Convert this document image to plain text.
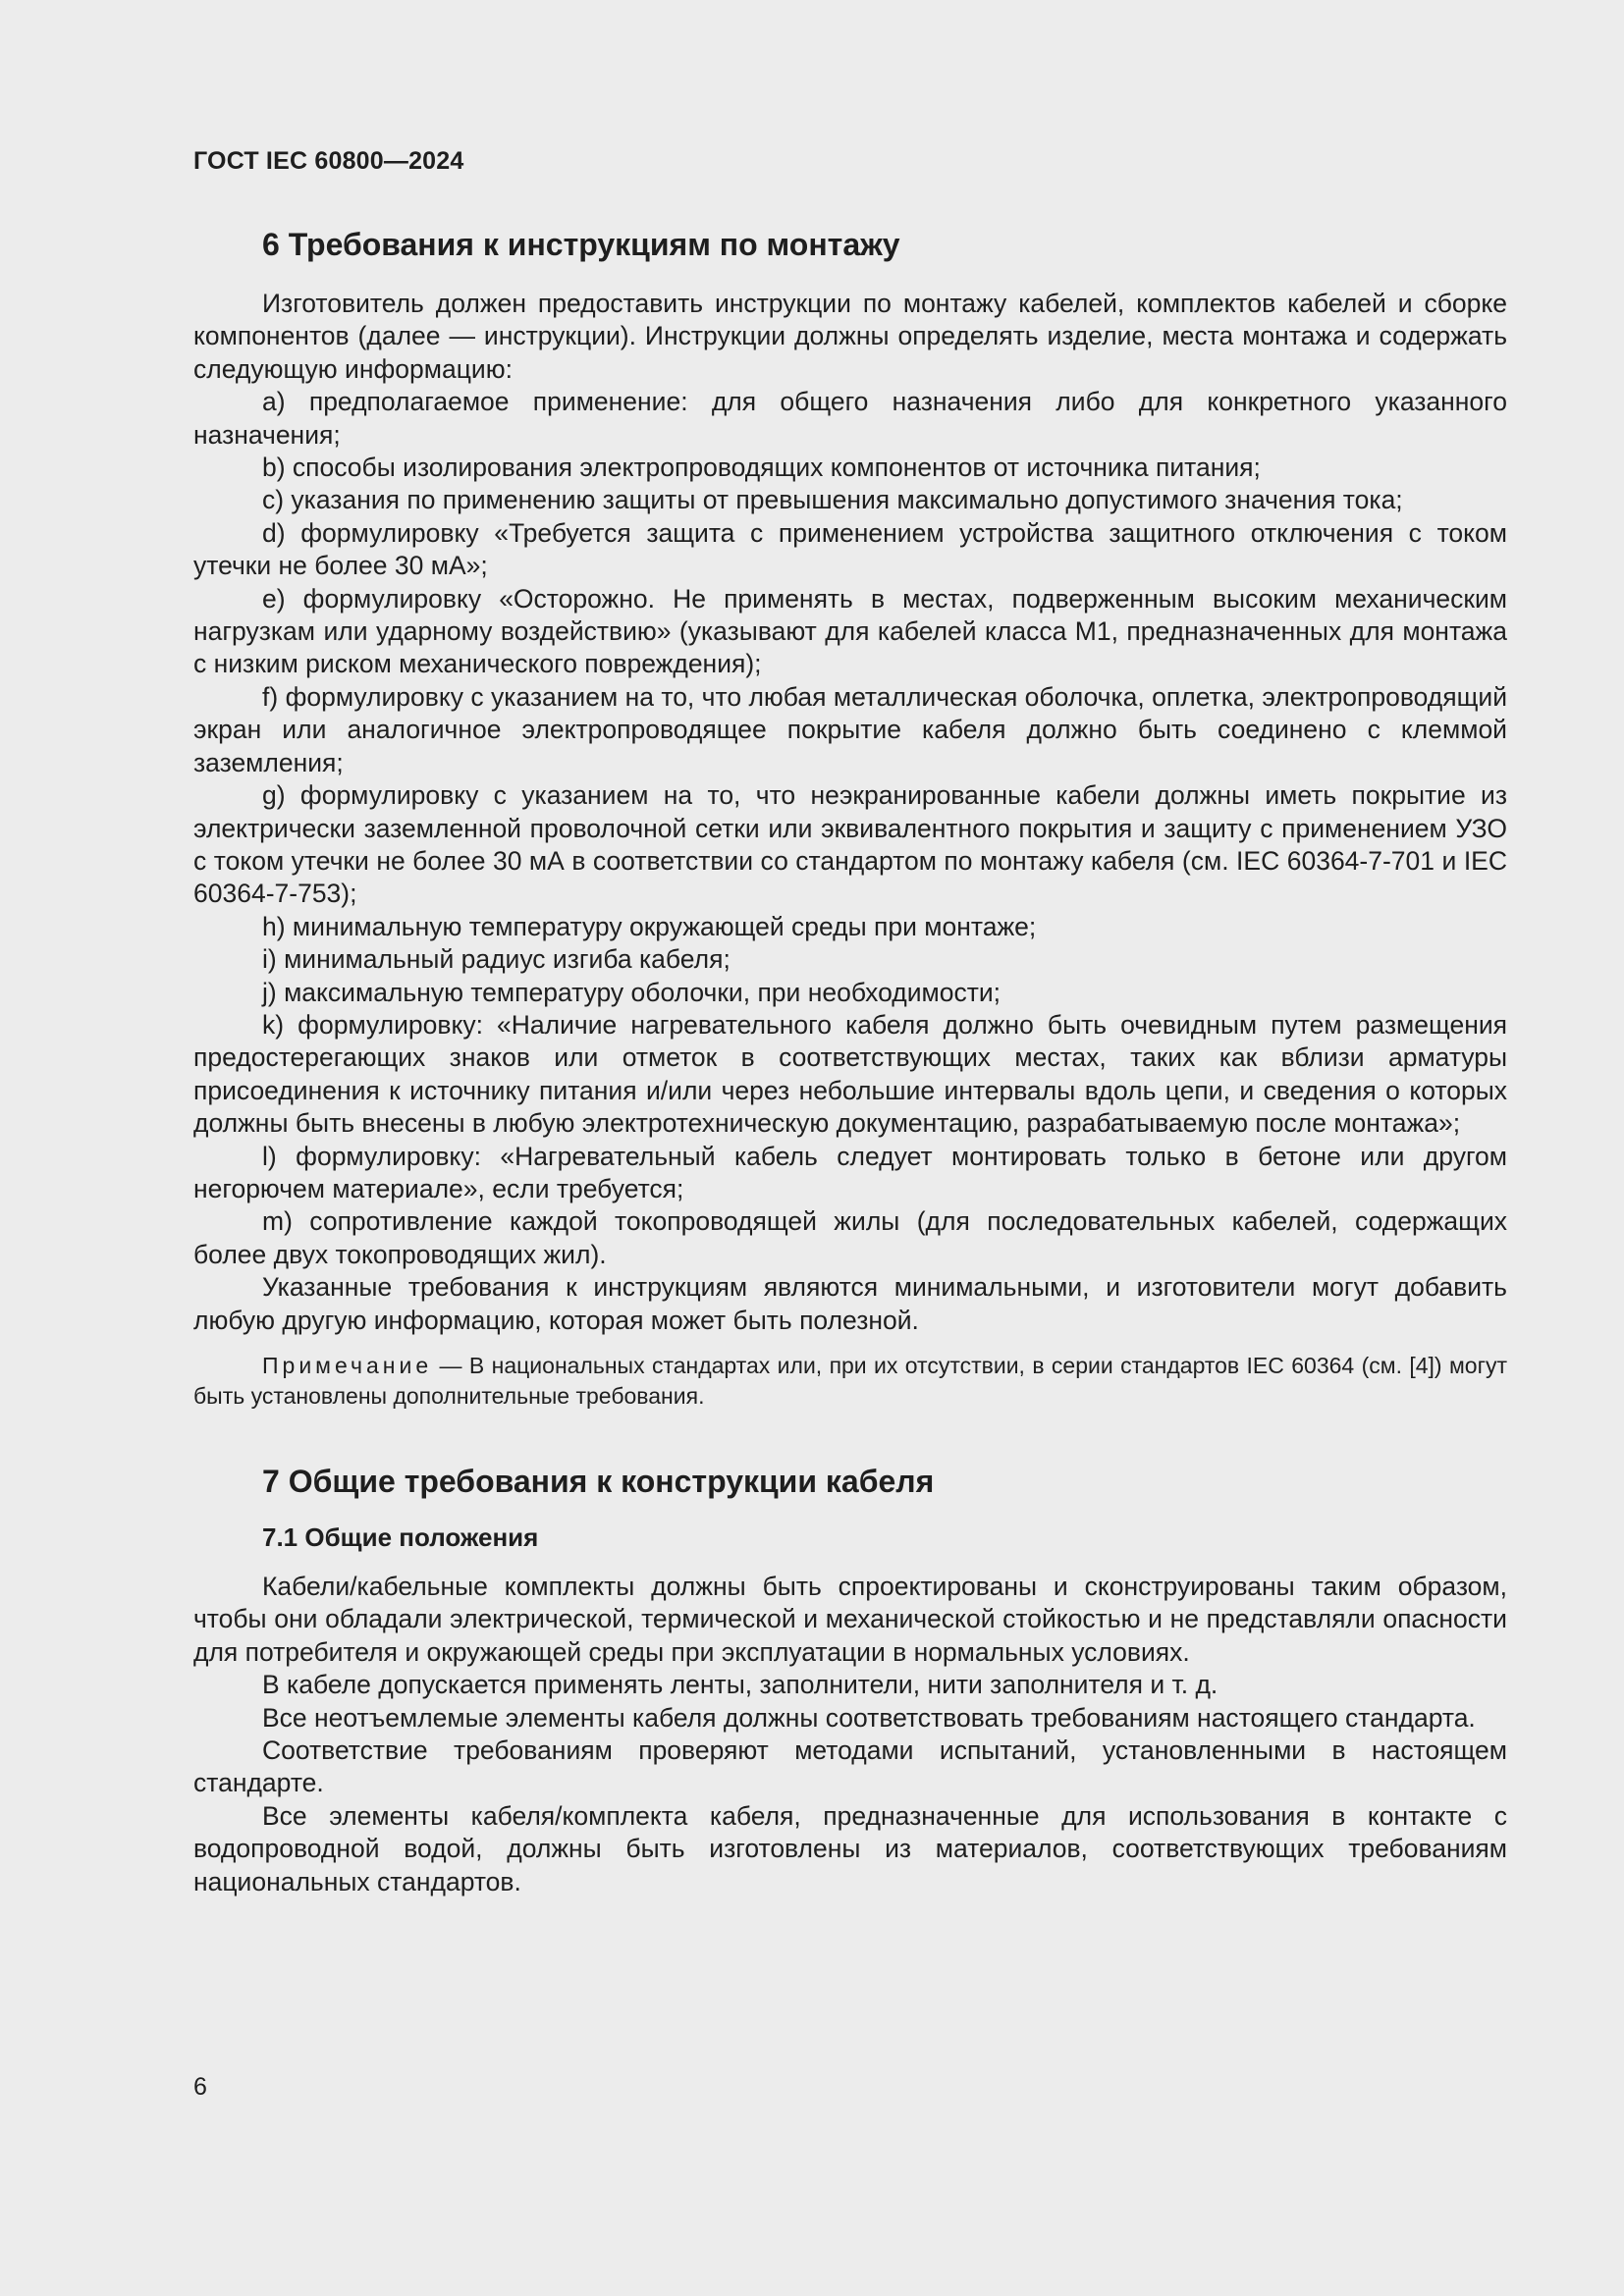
ГОСТ IEC 60800—2024
6 Требования к инструкциям по монтажу

Изготовитель должен предоставить инструкции по монтажу кабелей, комплектов кабелей и сборке компонентов (далее — инструкции). Инструкции должны определять изделие, места монтажа и содержать следующую информацию:

a) предполагаемое применение: для общего назначения либо для конкретного указанного назначения;

b) способы изолирования электропроводящих компонентов от источника питания;

c) указания по применению защиты от превышения максимально допустимого значения тока;

d) формулировку «Требуется защита с применением устройства защитного отключения с током утечки не более 30 мА»;

e) формулировку «Осторожно. Не применять в местах, подверженным высоким механическим нагрузкам или ударному воздействию» (указывают для кабелей класса M1, предназначенных для монтажа с низким риском механического повреждения);

f) формулировку с указанием на то, что любая металлическая оболочка, оплетка, электропроводящий экран или аналогичное электропроводящее покрытие кабеля должно быть соединено с клеммой заземления;

g) формулировку с указанием на то, что неэкранированные кабели должны иметь покрытие из электрически заземленной проволочной сетки или эквивалентного покрытия и защиту с применением УЗО с током утечки не более 30 мА в соответствии со стандартом по монтажу кабеля (см. IEC 60364-7-701 и IEC 60364-7-753);

h) минимальную температуру окружающей среды при монтаже;

i) минимальный радиус изгиба кабеля;

j) максимальную температуру оболочки, при необходимости;

k) формулировку: «Наличие нагревательного кабеля должно быть очевидным путем размещения предостерегающих знаков или отметок в соответствующих местах, таких как вблизи арматуры присоединения к источнику питания и/или через небольшие интервалы вдоль цепи, и сведения о которых должны быть внесены в любую электротехническую документацию, разрабатываемую после монтажа»;

l) формулировку: «Нагревательный кабель следует монтировать только в бетоне или другом негорючем материале», если требуется;

m) сопротивление каждой токопроводящей жилы (для последовательных кабелей, содержащих более двух токопроводящих жил).

Указанные требования к инструкциям являются минимальными, и изготовители могут добавить любую другую информацию, которая может быть полезной.

Примечание — В национальных стандартах или, при их отсутствии, в серии стандартов IEC 60364 (см. [4]) могут быть установлены дополнительные требования.
7 Общие требования к конструкции кабеля
7.1 Общие положения

Кабели/кабельные комплекты должны быть спроектированы и сконструированы таким образом, чтобы они обладали электрической, термической и механической стойкостью и не представляли опасности для потребителя и окружающей среды при эксплуатации в нормальных условиях.

В кабеле допускается применять ленты, заполнители, нити заполнителя и т. д.

Все неотъемлемые элементы кабеля должны соответствовать требованиям настоящего стандарта.

Соответствие требованиям проверяют методами испытаний, установленными в настоящем стандарте.

Все элементы кабеля/комплекта кабеля, предназначенные для использования в контакте с водопроводной водой, должны быть изготовлены из материалов, соответствующих требованиям национальных стандартов.

6
